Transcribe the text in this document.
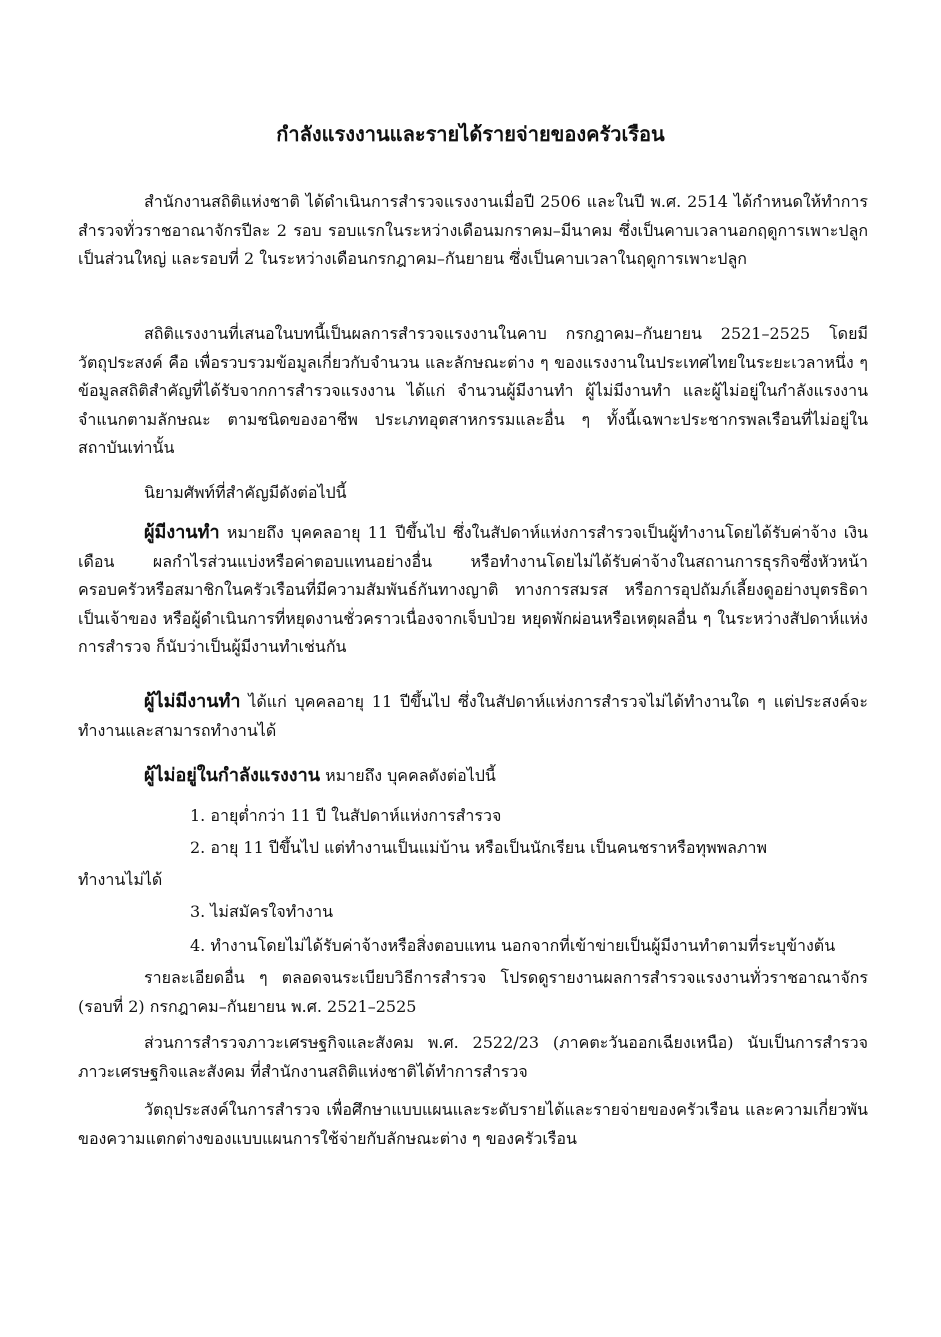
กำลังแรงงานและรายได้รายจ่ายของครัวเรือน
สำนักงานสถิติแห่งชาติ ได้ดำเนินการสำรวจแรงงานเมื่อปี 2506 และในปี พ.ศ. 2514 ได้กำหนดให้ทำการสำรวจทั่วราชอาณาจักรปีละ 2 รอบ รอบแรกในระหว่างเดือนมกราคม–มีนาคม ซึ่งเป็นคาบเวลานอกฤดูการเพาะปลูกเป็นส่วนใหญ่ และรอบที่ 2 ในระหว่างเดือนกรกฎาคม–กันยายน ซึ่งเป็นคาบเวลาในฤดูการเพาะปลูก
สถิติแรงงานที่เสนอในบทนี้เป็นผลการสำรวจแรงงานในคาบ กรกฎาคม–กันยายน 2521–2525 โดยมีวัตถุประสงค์ คือ เพื่อรวบรวมข้อมูลเกี่ยวกับจำนวน และลักษณะต่าง ๆ ของแรงงานในประเทศไทยในระยะเวลาหนึ่ง ๆ ข้อมูลสถิติสำคัญที่ได้รับจากการสำรวจแรงงาน ได้แก่ จำนวนผู้มีงานทำ ผู้ไม่มีงานทำ และผู้ไม่อยู่ในกำลังแรงงาน จำแนกตามลักษณะ ตามชนิดของอาชีพ ประเภทอุตสาหกรรมและอื่น ๆ ทั้งนี้เฉพาะประชากรพลเรือนที่ไม่อยู่ในสถาบันเท่านั้น
นิยามศัพท์ที่สำคัญมีดังต่อไปนี้
ผู้มีงานทำ หมายถึง บุคคลอายุ 11 ปีขึ้นไป ซึ่งในสัปดาห์แห่งการสำรวจเป็นผู้ทำงานโดยได้รับค่าจ้าง เงินเดือน ผลกำไรส่วนแบ่งหรือค่าตอบแทนอย่างอื่น หรือทำงานโดยไม่ได้รับค่าจ้างในสถานการธุรกิจซึ่งหัวหน้าครอบครัวหรือสมาชิกในครัวเรือนที่มีความสัมพันธ์กันทางญาติ ทางการสมรส หรือการอุปถัมภ์เลี้ยงดูอย่างบุตรธิดาเป็นเจ้าของ หรือผู้ดำเนินการที่หยุดงานชั่วคราวเนื่องจากเจ็บป่วย หยุดพักผ่อนหรือเหตุผลอื่น ๆ ในระหว่างสัปดาห์แห่งการสำรวจ ก็นับว่าเป็นผู้มีงานทำเช่นกัน
ผู้ไม่มีงานทำ ได้แก่ บุคคลอายุ 11 ปีขึ้นไป ซึ่งในสัปดาห์แห่งการสำรวจไม่ได้ทำงานใด ๆ แต่ประสงค์จะทำงานและสามารถทำงานได้
ผู้ไม่อยู่ในกำลังแรงงาน หมายถึง บุคคลดังต่อไปนี้
1. อายุต่ำกว่า 11 ปี ในสัปดาห์แห่งการสำรวจ
2. อายุ 11 ปีขึ้นไป แต่ทำงานเป็นแม่บ้าน หรือเป็นนักเรียน เป็นคนชราหรือทุพพลภาพ
ทำงานไม่ได้
3. ไม่สมัครใจทำงาน
4. ทำงานโดยไม่ได้รับค่าจ้างหรือสิ่งตอบแทน นอกจากที่เข้าข่ายเป็นผู้มีงานทำตามที่ระบุข้างต้น
รายละเอียดอื่น ๆ ตลอดจนระเบียบวิธีการสำรวจ โปรดดูรายงานผลการสำรวจแรงงานทั่วราชอาณาจักร (รอบที่ 2) กรกฎาคม–กันยายน พ.ศ. 2521–2525
ส่วนการสำรวจภาวะเศรษฐกิจและสังคม พ.ศ. 2522/23 (ภาคตะวันออกเฉียงเหนือ) นับเป็นการสำรวจภาวะเศรษฐกิจและสังคม ที่สำนักงานสถิติแห่งชาติได้ทำการสำรวจ
วัตถุประสงค์ในการสำรวจ เพื่อศึกษาแบบแผนและระดับรายได้และรายจ่ายของครัวเรือน และความเกี่ยวพันของความแตกต่างของแบบแผนการใช้จ่ายกับลักษณะต่าง ๆ ของครัวเรือน
